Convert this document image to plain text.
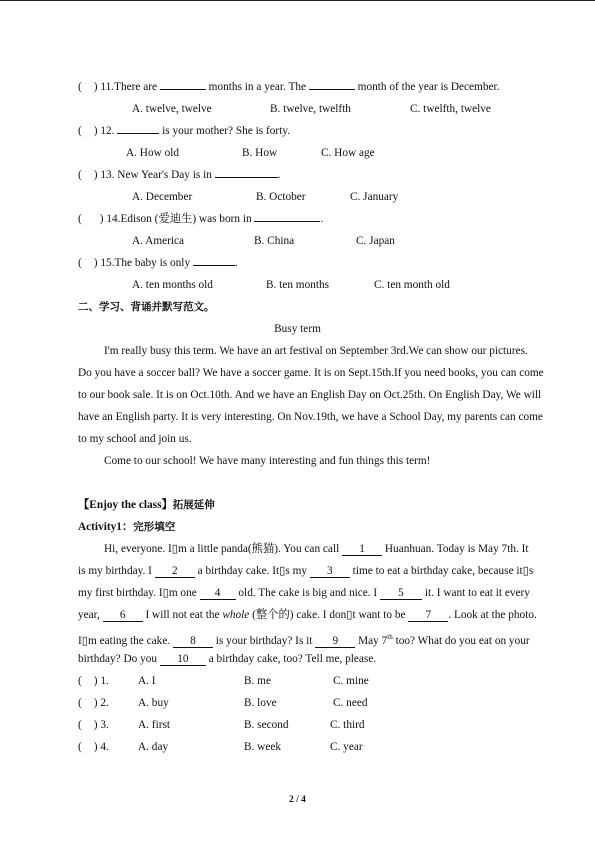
( ) 11.There are	months in a year. The	month of the year is December.
A. twelve, twelve	B. twelve, twelfth	C. twelfth, twelve
( ) 12.	is your mother? She is forty.
A. How old	B. How	C. How age
( ) 13. New Year's Day is in	.
A. December	B. October	C. January
( ) 14.Edison (爱迪生) was born in	.
A. America	B. China	C. Japan
( ) 15.The baby is only	.
A. ten months old	B. ten months	C. ten month old
二、学习、背诵并默写范文。
Busy term
I'm really busy this term. We have an art festival on September 3rd.We can show our pictures.
Do you have a soccer ball? We have a soccer game. It is on Sept.15th.If you need books, you can come
to our book sale. It is on Oct.10th. And we have an English Day on Oct.25th. On English Day, We will
have an English party. It is very interesting. On Nov.19th, we have a School Day, my parents can come
to my school and join us.
Come to our school! We have many interesting and fun things this term!
【Enjoy the class】拓展延伸
Activity1：完形填空
Hi, everyone. I▯m a little panda(熊猫). You can call 1 Huanhuan. Today is May 7th. It
is my birthday. I 2 a birthday cake. It▯s my 3 time to eat a birthday cake, because it▯s
my first birthday. I▯m one 4 old. The cake is big and nice. I 5 it. I want to eat it every
year, 6 I will not eat the whole (整个的) cake. I don▯t want to be 7 . Look at the photo.
I▯m eating the cake. 8 is your birthday? Is it 9 May 7th too? What do you eat on your
birthday? Do you 10 a birthday cake, too? Tell me, please.
( ) 1.	A. I	B. me	C. mine
( ) 2.	A. buy	B. love	C. need
( ) 3.	A. first	B. second	C. third
( ) 4.	A. day	B. week	C. year
2 / 4
